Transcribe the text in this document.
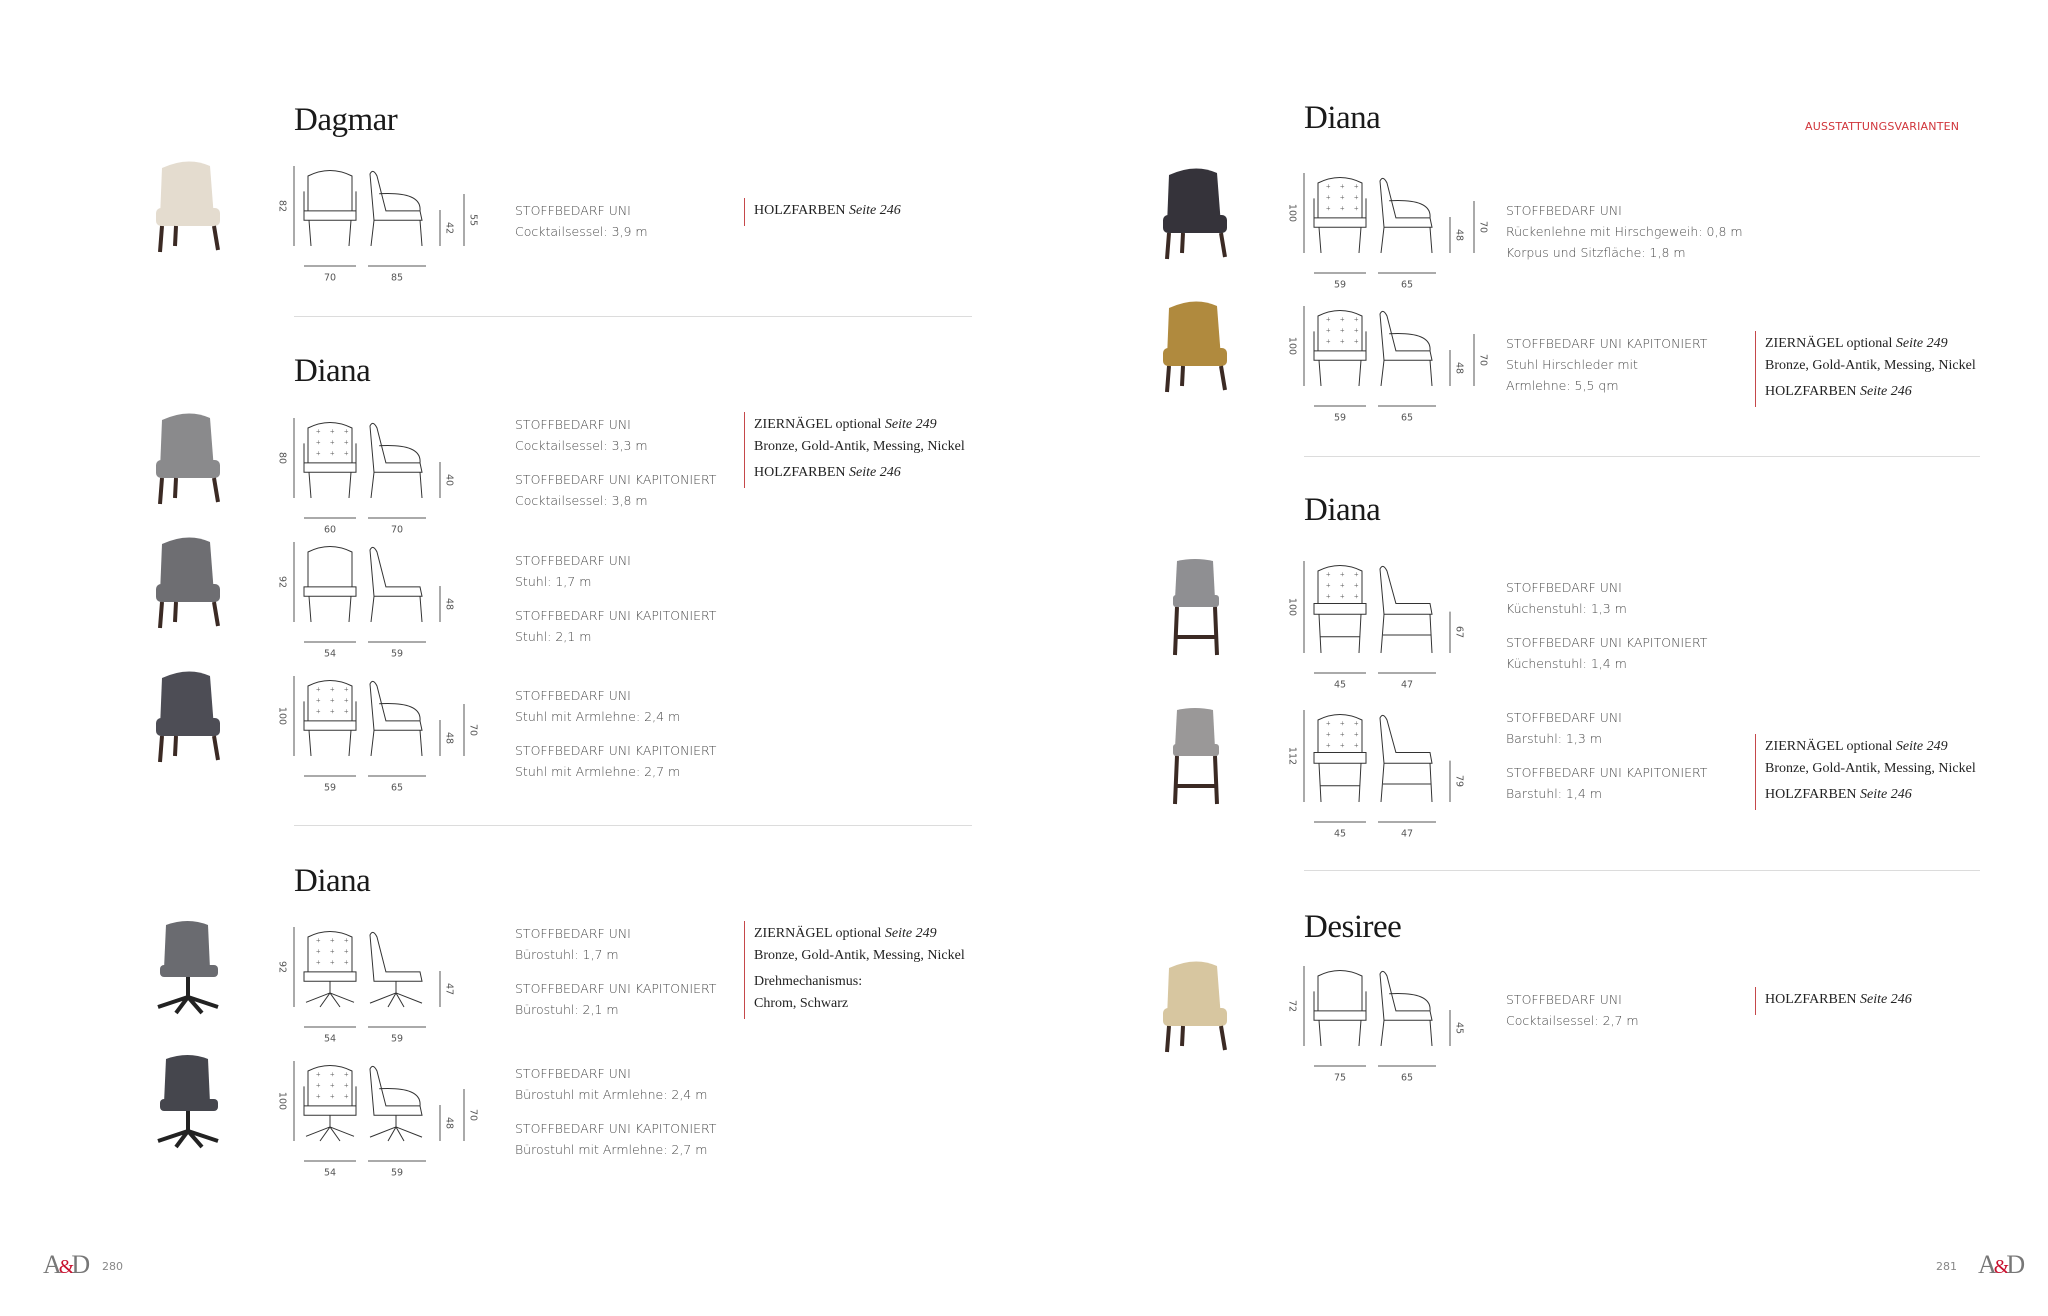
AUSSTATTUNGSVARIANTEN
Dagmar
42
55
82
70	85
STOFFBEDARF UNI
Cocktailsessel: 3,9 m
HOLZFARBEN Seite 246
Diana
+ + +
+ + +
+ + +
40
80
60	70
STOFFBEDARF UNI
Cocktailsessel: 3,3 m
STOFFBEDARF UNI KAPITONIERT
Cocktailsessel: 3,8 m
ZIERNÄGEL optional Seite 249
Bronze, Gold-Antik, Messing, Nickel
HOLZFARBEN Seite 246
48
92
54	59
STOFFBEDARF UNI
Stuhl: 1,7 m
STOFFBEDARF UNI KAPITONIERT
Stuhl: 2,1 m
+ + +
+ + +
+ + +
48
70
100
59	65
STOFFBEDARF UNI
Stuhl mit Armlehne: 2,4 m
STOFFBEDARF UNI KAPITONIERT
Stuhl mit Armlehne: 2,7 m
Diana
+ + +
+ + +
+ + +
47
92
54	59
STOFFBEDARF UNI
Bürostuhl: 1,7 m
STOFFBEDARF UNI KAPITONIERT
Bürostuhl: 2,1 m
ZIERNÄGEL optional Seite 249
Bronze, Gold-Antik, Messing, Nickel
Drehmechanismus:
Chrom, Schwarz
+ + +
+ + +
+ + +
48
70
100
54	59
STOFFBEDARF UNI
Bürostuhl mit Armlehne: 2,4 m
STOFFBEDARF UNI KAPITONIERT
Bürostuhl mit Armlehne: 2,7 m
280
A&D
Diana
+ + +
+ + +
+ + +
48
70
100
59	65
STOFFBEDARF UNI
Rückenlehne mit Hirschgeweih: 0,8 m
Korpus und Sitzfläche: 1,8 m
+ + +
+ + +
+ + +
48
70
100
59	65
STOFFBEDARF UNI KAPITONIERT
Stuhl Hirschleder mit
Armlehne: 5,5 qm
ZIERNÄGEL optional Seite 249
Bronze, Gold-Antik, Messing, Nickel
HOLZFARBEN Seite 246
Diana
+ + +
+ + +
+ + +
67
100
45	47
STOFFBEDARF UNI
Küchenstuhl: 1,3 m
STOFFBEDARF UNI KAPITONIERT
Küchenstuhl: 1,4 m
+ + +
+ + +
+ + +
79
112
45	47
STOFFBEDARF UNI
Barstuhl: 1,3 m
STOFFBEDARF UNI KAPITONIERT
Barstuhl: 1,4 m
ZIERNÄGEL optional Seite 249
Bronze, Gold-Antik, Messing, Nickel
HOLZFARBEN Seite 246
Desiree
45
72
75	65
STOFFBEDARF UNI
Cocktailsessel: 2,7 m
HOLZFARBEN Seite 246
281 A&D
